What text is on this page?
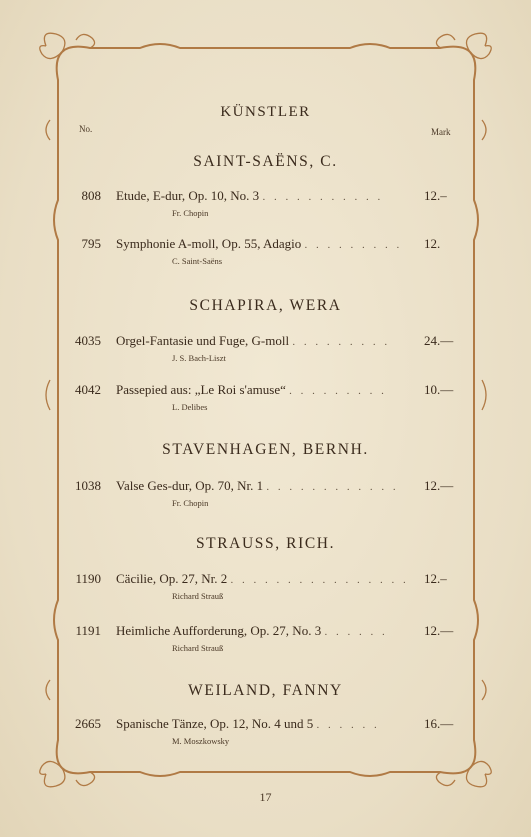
KÜNSTLER
No.	Mark
SAINT-SAËNS, C.
808 Etude, E-dur, Op. 10, No. 3 . . . . . . . . . . .	12.–
Fr. Chopin
795 Symphonie A-moll, Op. 55, Adagio . . . . . . . . .	12.
C. Saint-Saëns
SCHAPIRA, WERA
4035 Orgel-Fantasie und Fuge, G-moll . . . . . . . . .	24.—
J. S. Bach-Liszt
4042 Passepied aus: „Le Roi s'amuse“ . . . . . . . . .	10.—
L. Delibes
STAVENHAGEN, BERNH.
1038 Valse Ges-dur, Op. 70, Nr. 1 . . . . . . . . . . . .	12.—
Fr. Chopin
STRAUSS, RICH.
1190 Cäcilie, Op. 27, Nr. 2 . . . . . . . . . . . . . . . .	12.–
Richard Strauß
1191 Heimliche Aufforderung, Op. 27, No. 3 . . . . . .	12.—
Richard Strauß
WEILAND, FANNY
2665 Spanische Tänze, Op. 12, No. 4 und 5 . . . . . .	16.—
M. Moszkowsky
17
